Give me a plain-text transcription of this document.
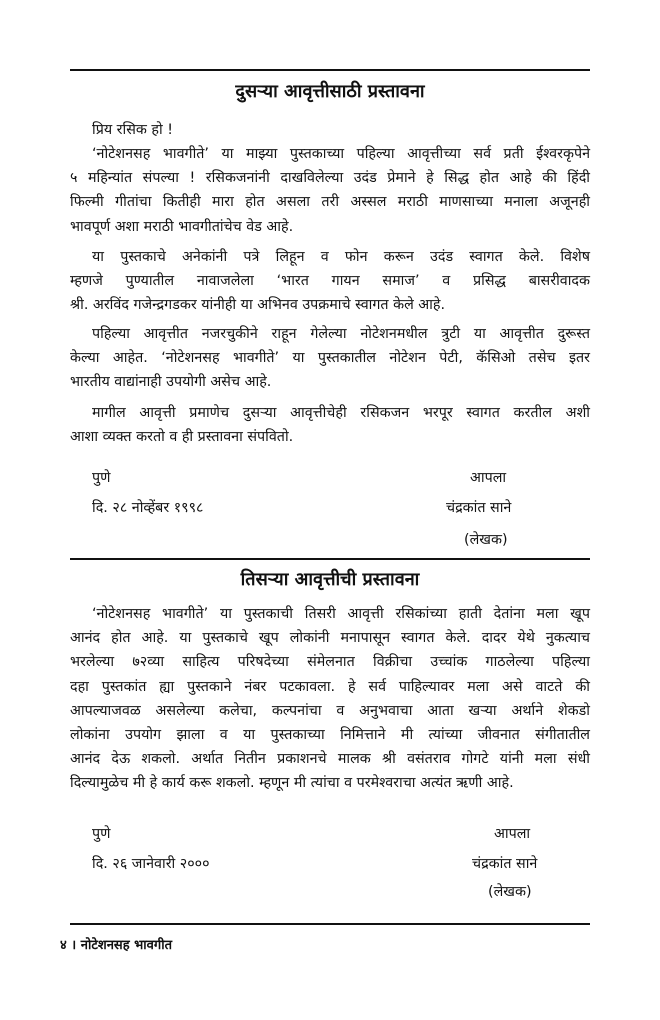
दुसऱ्या आवृत्तीसाठी प्रस्तावना
प्रिय रसिक हो !
‘नोटेशनसह भावगीते’ या माझ्या पुस्तकाच्या पहिल्या आवृत्तीच्या सर्व प्रती ईश्वरकृपेने
५ महिन्यांत संपल्या ! रसिकजनांनी दाखविलेल्या उदंड प्रेमाने हे सिद्ध होत आहे की हिंदी
फिल्मी गीतांचा कितीही मारा होत असला तरी अस्सल मराठी माणसाच्या मनाला अजूनही
भावपूर्ण अशा मराठी भावगीतांचेच वेड आहे.
या पुस्तकाचे अनेकांनी पत्रे लिहून व फोन करून उदंड स्वागत केले. विशेष
म्हणजे पुण्यातील नावाजलेला ‘भारत गायन समाज’ व प्रसिद्ध बासरीवादक
श्री. अरविंद गजेन्द्रगडकर यांनीही या अभिनव उपक्रमाचे स्वागत केले आहे.
पहिल्या आवृत्तीत नजरचुकीने राहून गेलेल्या नोटेशनमधील त्रुटी या आवृत्तीत दुरूस्त
केल्या आहेत. ‘नोटेशनसह भावगीते’ या पुस्तकातील नोटेशन पेटी, कॅसिओ तसेच इतर
भारतीय वाद्यांनाही उपयोगी असेच आहे.
मागील आवृत्ती प्रमाणेच दुसऱ्या आवृत्तीचेही रसिकजन भरपूर स्वागत करतील अशी
आशा व्यक्त करतो व ही प्रस्तावना संपवितो.
पुणे
दि. २८ नोव्हेंबर १९९८
आपला
चंद्रकांत साने
(लेखक)
तिसऱ्या आवृत्तीची प्रस्तावना
‘नोटेशनसह भावगीते’ या पुस्तकाची तिसरी आवृत्ती रसिकांच्या हाती देतांना मला खूप
आनंद होत आहे. या पुस्तकाचे खूप लोकांनी मनापासून स्वागत केले. दादर येथे नुकत्याच
भरलेल्या ७२व्या साहित्य परिषदेच्या संमेलनात विक्रीचा उच्चांक गाठलेल्या पहिल्या
दहा पुस्तकांत ह्या पुस्तकाने नंबर पटकावला. हे सर्व पाहिल्यावर मला असे वाटते की
आपल्याजवळ असलेल्या कलेचा, कल्पनांचा व अनुभवाचा आता खऱ्या अर्थाने शेकडो
लोकांना उपयोग झाला व या पुस्तकाच्या निमित्ताने मी त्यांच्या जीवनात संगीतातील
आनंद देऊ शकलो. अर्थात नितीन प्रकाशनचे मालक श्री वसंतराव गोगटे यांनी मला संधी
दिल्यामुळेच मी हे कार्य करू शकलो. म्हणून मी त्यांचा व परमेश्वराचा अत्यंत ऋणी आहे.
पुणे
दि. २६ जानेवारी २०००
आपला
चंद्रकांत साने
(लेखक)
४ । नोटेशनसह भावगीत
